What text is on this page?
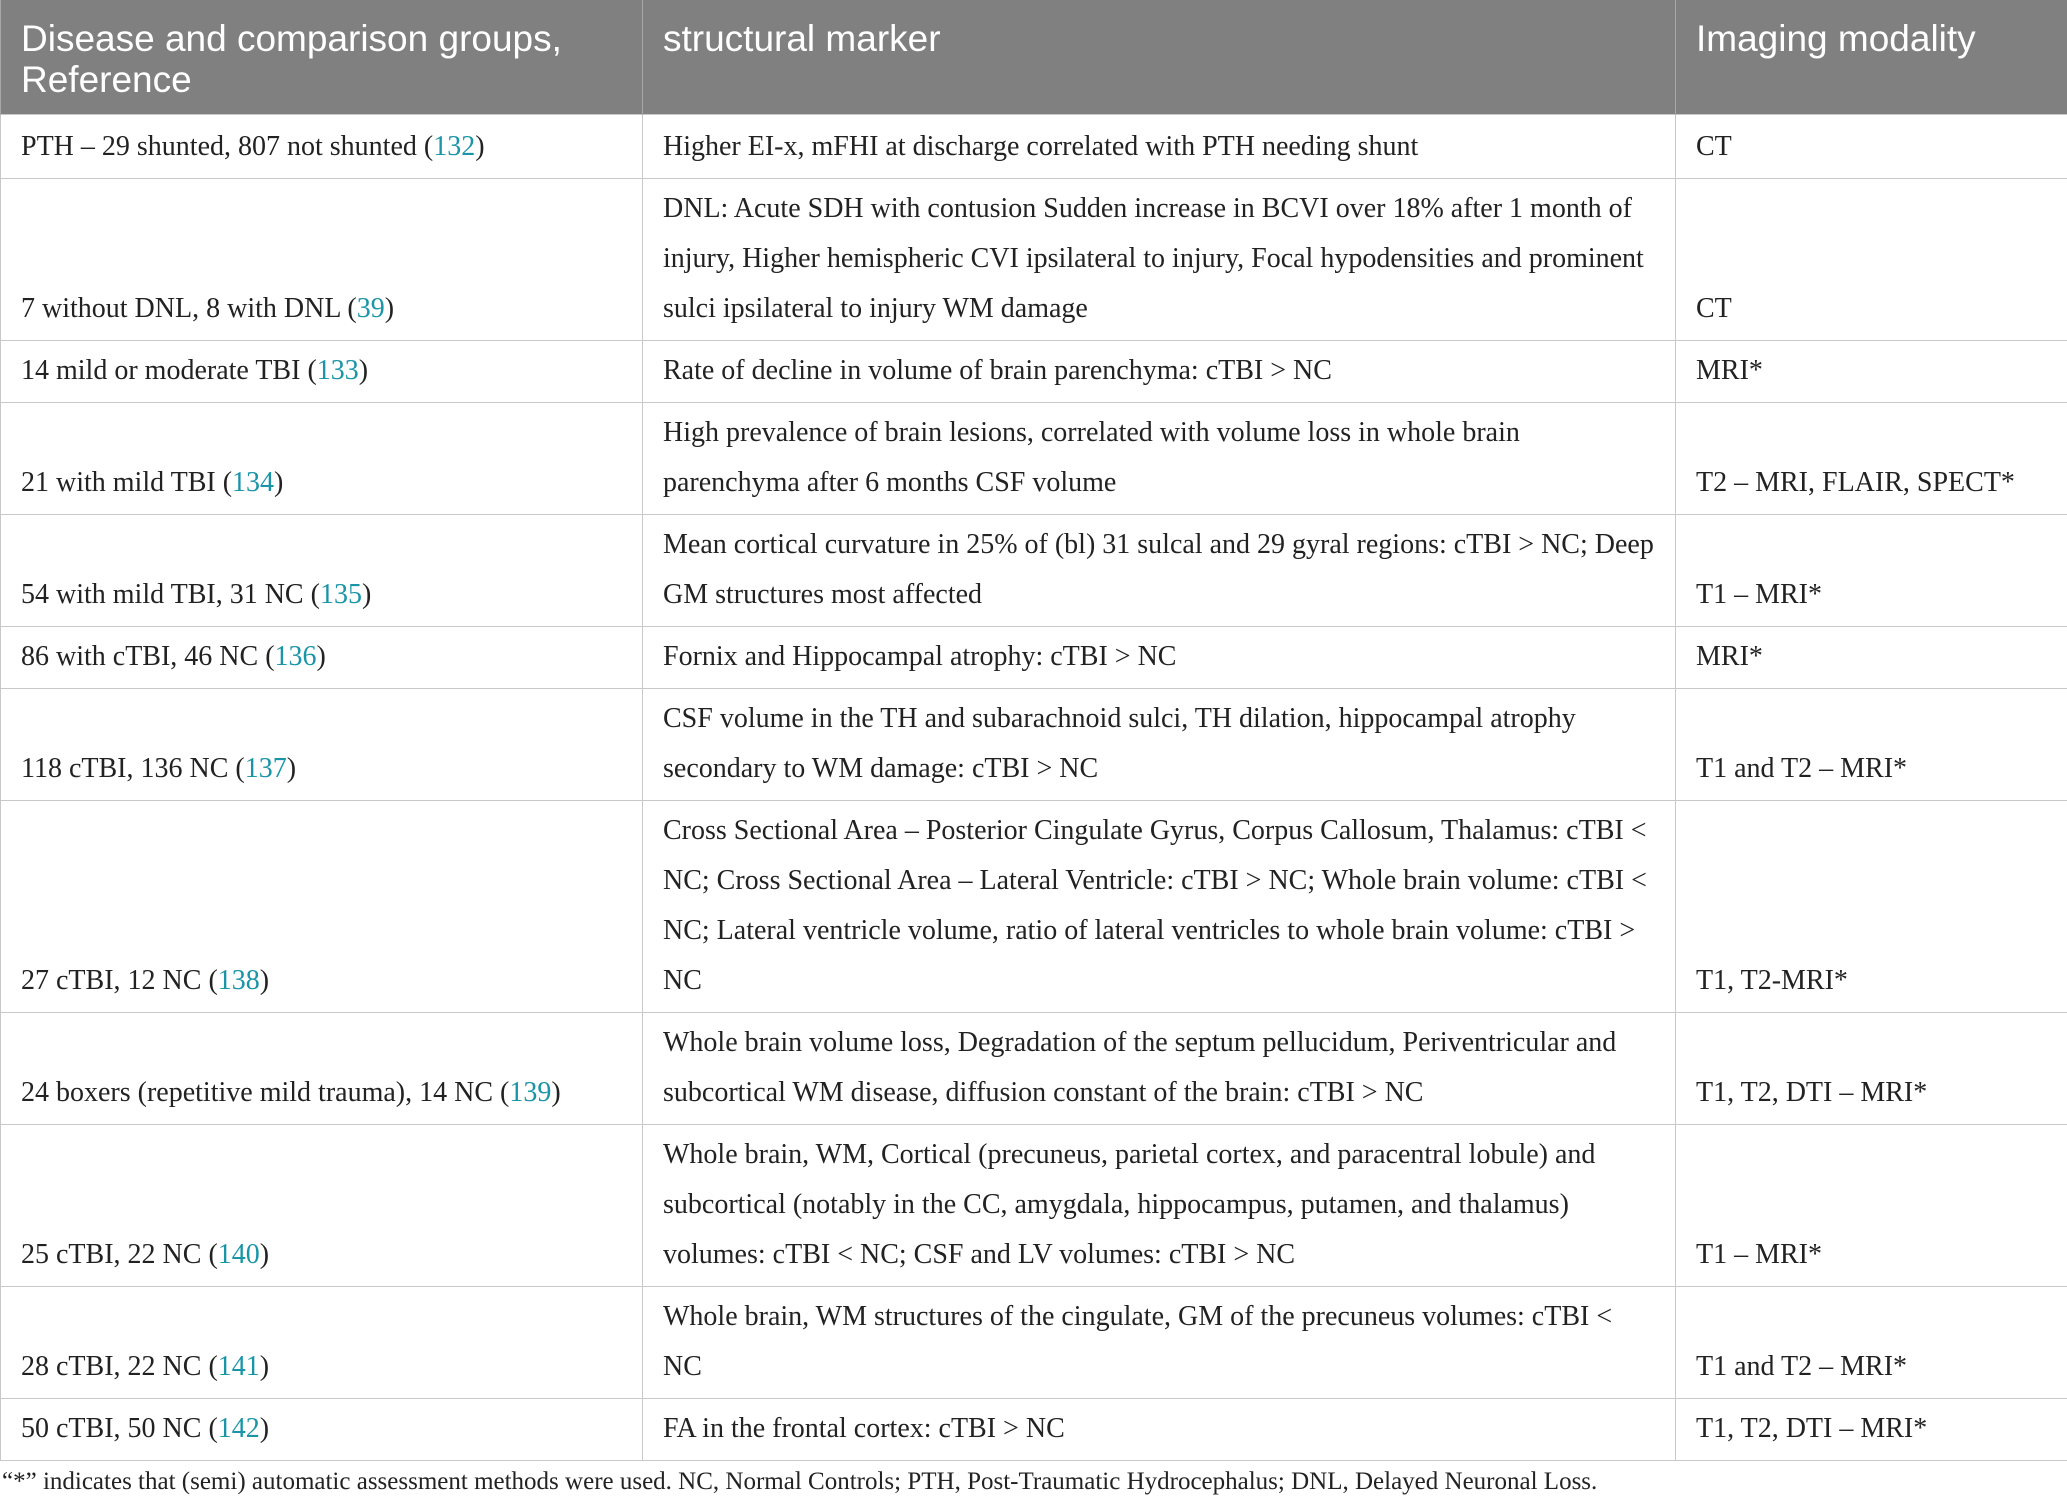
Disease and comparison groups, Reference	structural marker	Imaging modality
PTH – 29 shunted, 807 not shunted (132)	Higher EI-x, mFHI at discharge correlated with PTH needing shunt	CT
7 without DNL, 8 with DNL (39)	DNL: Acute SDH with contusion Sudden increase in BCVI over 18% after 1 month of injury, Higher hemispheric CVI ipsilateral to injury, Focal hypodensities and prominent sulci ipsilateral to injury WM damage	CT
14 mild or moderate TBI (133)	Rate of decline in volume of brain parenchyma: cTBI > NC	MRI*
21 with mild TBI (134)	High prevalence of brain lesions, correlated with volume loss in whole brain parenchyma after 6 months CSF volume	T2 – MRI, FLAIR, SPECT*
54 with mild TBI, 31 NC (135)	Mean cortical curvature in 25% of (bl) 31 sulcal and 29 gyral regions: cTBI > NC; Deep GM structures most affected	T1 – MRI*
86 with cTBI, 46 NC (136)	Fornix and Hippocampal atrophy: cTBI > NC	MRI*
118 cTBI, 136 NC (137)	CSF volume in the TH and subarachnoid sulci, TH dilation, hippocampal atrophy secondary to WM damage: cTBI > NC	T1 and T2 – MRI*
27 cTBI, 12 NC (138)	Cross Sectional Area – Posterior Cingulate Gyrus, Corpus Callosum, Thalamus: cTBI < NC; Cross Sectional Area – Lateral Ventricle: cTBI > NC; Whole brain volume: cTBI < NC; Lateral ventricle volume, ratio of lateral ventricles to whole brain volume: cTBI > NC	T1, T2-MRI*
24 boxers (repetitive mild trauma), 14 NC (139)	Whole brain volume loss, Degradation of the septum pellucidum, Periventricular and subcortical WM disease, diffusion constant of the brain: cTBI > NC	T1, T2, DTI – MRI*
25 cTBI, 22 NC (140)	Whole brain, WM, Cortical (precuneus, parietal cortex, and paracentral lobule) and subcortical (notably in the CC, amygdala, hippocampus, putamen, and thalamus) volumes: cTBI < NC; CSF and LV volumes: cTBI > NC	T1 – MRI*
28 cTBI, 22 NC (141)	Whole brain, WM structures of the cingulate, GM of the precuneus volumes: cTBI < NC	T1 and T2 – MRI*
50 cTBI, 50 NC (142)	FA in the frontal cortex: cTBI > NC	T1, T2, DTI – MRI*
“*” indicates that (semi) automatic assessment methods were used. NC, Normal Controls; PTH, Post-Traumatic Hydrocephalus; DNL, Delayed Neuronal Loss.
